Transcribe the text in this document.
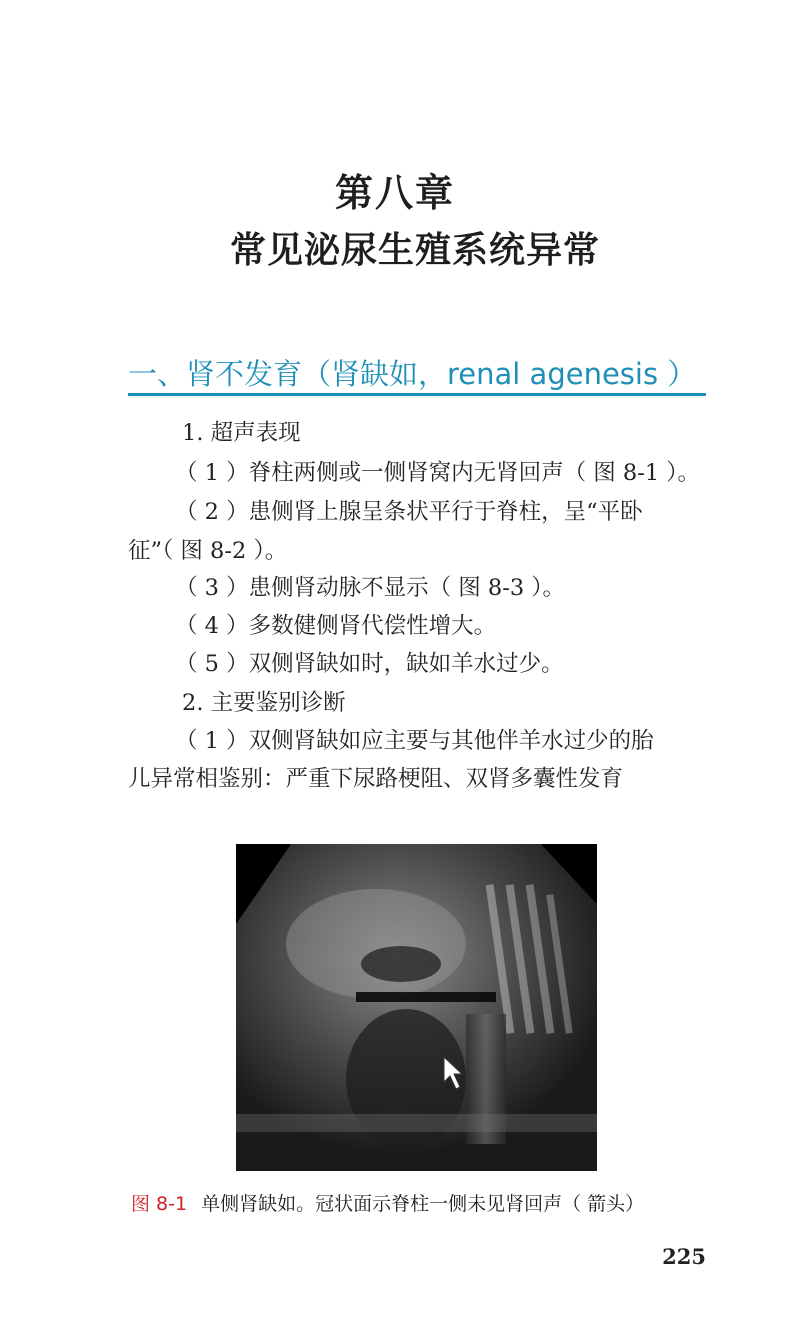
第八章
常见泌尿生殖系统异常
一、肾不发育（肾缺如，renal agenesis ）
1. 超声表现
（ 1 ）脊柱两侧或一侧肾窝内无肾回声（ 图 8-1 ）。
（ 2 ）患侧肾上腺呈条状平行于脊柱，呈“平卧
征”（ 图 8-2 ）。
（ 3 ）患侧肾动脉不显示（ 图 8-3 ）。
（ 4 ）多数健侧肾代偿性增大。
（ 5 ）双侧肾缺如时，缺如羊水过少。
2. 主要鉴别诊断
（ 1 ）双侧肾缺如应主要与其他伴羊水过少的胎
儿异常相鉴别：严重下尿路梗阻、双肾多囊性发育
图 8-1 单侧肾缺如。冠状面示脊柱一侧未见肾回声（ 箭头）
225
